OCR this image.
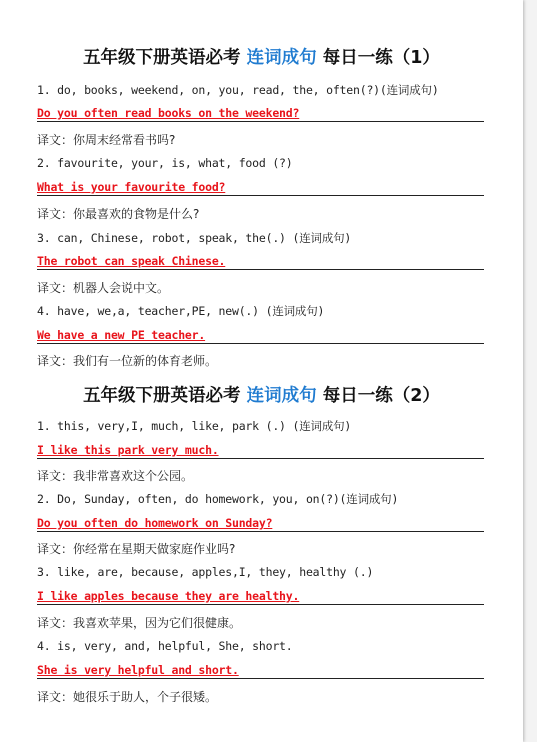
五年级下册英语必考 连词成句 每日一练（1）
1. do, books, weekend, on, you, read, the, often(?)(连词成句)
Do you often read books on the weekend?
译文：你周末经常看书吗?
2. favourite, your, is, what, food (?)
What is your favourite food?
译文：你最喜欢的食物是什么?
3. can, Chinese, robot, speak, the(.) (连词成句)
The robot can speak Chinese.
译文：机器人会说中文。
4. have, we,a, teacher,PE, new(.) (连词成句)
We have a new PE teacher.
译文：我们有一位新的体育老师。
五年级下册英语必考 连词成句 每日一练（2）
1. this, very,I, much, like, park (.) (连词成句)
I like this park very much.
译文：我非常喜欢这个公园。
2. Do, Sunday, often, do homework, you, on(?)(连词成句)
Do you often do homework on Sunday?
译文：你经常在星期天做家庭作业吗?
3. like, are, because, apples,I, they, healthy (.)
I like apples because they are healthy.
译文：我喜欢苹果，因为它们很健康。
4. is, very, and, helpful, She, short.
She is very helpful and short.
译文：她很乐于助人，个子很矮。
